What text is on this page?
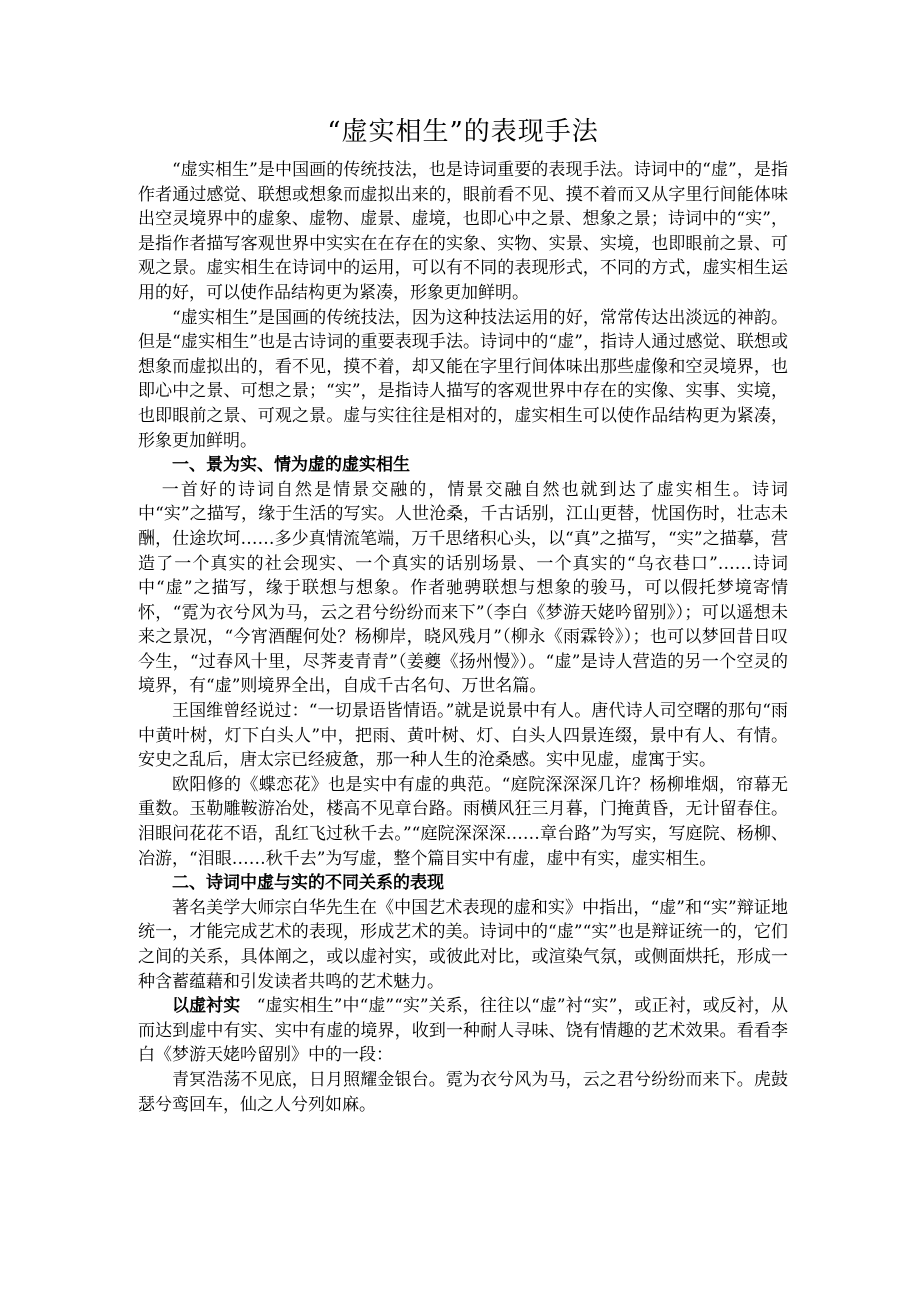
“虚实相生”的表现手法

“虚实相生”是中国画的传统技法，也是诗词重要的表现手法。诗词中的“虚”，是指作者通过感觉、联想或想象而虚拟出来的，眼前看不见、摸不着而又从字里行间能体味出空灵境界中的虚象、虚物、虚景、虚境，也即心中之景、想象之景；诗词中的“实”，是指作者描写客观世界中实实在在存在的实象、实物、实景、实境，也即眼前之景、可观之景。虚实相生在诗词中的运用，可以有不同的表现形式，不同的方式，虚实相生运用的好，可以使作品结构更为紧凑，形象更加鲜明。

“虚实相生”是国画的传统技法，因为这种技法运用的好，常常传达出淡远的神韵。但是“虚实相生”也是古诗词的重要表现手法。诗词中的“虚”，指诗人通过感觉、联想或想象而虚拟出的，看不见，摸不着，却又能在字里行间体味出那些虚像和空灵境界，也即心中之景、可想之景；“实”，是指诗人描写的客观世界中存在的实像、实事、实境，也即眼前之景、可观之景。虚与实往往是相对的，虚实相生可以使作品结构更为紧凑，形象更加鲜明。

一、景为实、情为虚的虚实相生

一首好的诗词自然是情景交融的，情景交融自然也就到达了虚实相生。诗词中“实”之描写，缘于生活的写实。人世沧桑，千古话别，江山更替，忧国伤时，壮志未酬，仕途坎坷……多少真情流笔端，万千思绪积心头，以“真”之描写，“实”之描摹，营造了一个真实的社会现实、一个真实的话别场景、一个真实的“乌衣巷口”……诗词中“虚”之描写，缘于联想与想象。作者驰骋联想与想象的骏马，可以假托梦境寄情怀，“霓为衣兮风为马，云之君兮纷纷而来下”（李白《梦游天姥吟留别》）；可以遥想未来之景况，“今宵酒醒何处？杨柳岸，晓风残月”（柳永《雨霖铃》）；也可以梦回昔日叹今生，“过春风十里，尽荠麦青青”（姜夔《扬州慢》）。“虚”是诗人营造的另一个空灵的境界，有“虚”则境界全出，自成千古名句、万世名篇。

王国维曾经说过：“一切景语皆情语。”就是说景中有人。唐代诗人司空曙的那句“雨中黄叶树，灯下白头人”中，把雨、黄叶树、灯、白头人四景连缀，景中有人、有情。安史之乱后，唐太宗已经疲惫，那一种人生的沧桑感。实中见虚，虚寓于实。

欧阳修的《蝶恋花》也是实中有虚的典范。“庭院深深深几许？杨柳堆烟，帘幕无重数。玉勒雕鞍游冶处，楼高不见章台路。雨横风狂三月暮，门掩黄昏，无计留春住。泪眼问花花不语，乱红飞过秋千去。”“庭院深深深……章台路”为写实，写庭院、杨柳、冶游，“泪眼……秋千去”为写虚，整个篇目实中有虚，虚中有实，虚实相生。

二、诗词中虚与实的不同关系的表现

著名美学大师宗白华先生在《中国艺术表现的虚和实》中指出，“虚”和“实”辩证地统一，才能完成艺术的表现，形成艺术的美。诗词中的“虚”“实”也是辩证统一的，它们之间的关系，具体阐之，或以虚衬实，或彼此对比，或渲染气氛，或侧面烘托，形成一种含蓄蕴藉和引发读者共鸣的艺术魅力。

以虚衬实 “虚实相生”中“虚”“实”关系，往往以“虚”衬“实”，或正衬，或反衬，从而达到虚中有实、实中有虚的境界，收到一种耐人寻味、饶有情趣的艺术效果。看看李白《梦游天姥吟留别》中的一段：

青冥浩荡不见底，日月照耀金银台。霓为衣兮风为马，云之君兮纷纷而来下。虎鼓瑟兮鸾回车，仙之人兮列如麻。
